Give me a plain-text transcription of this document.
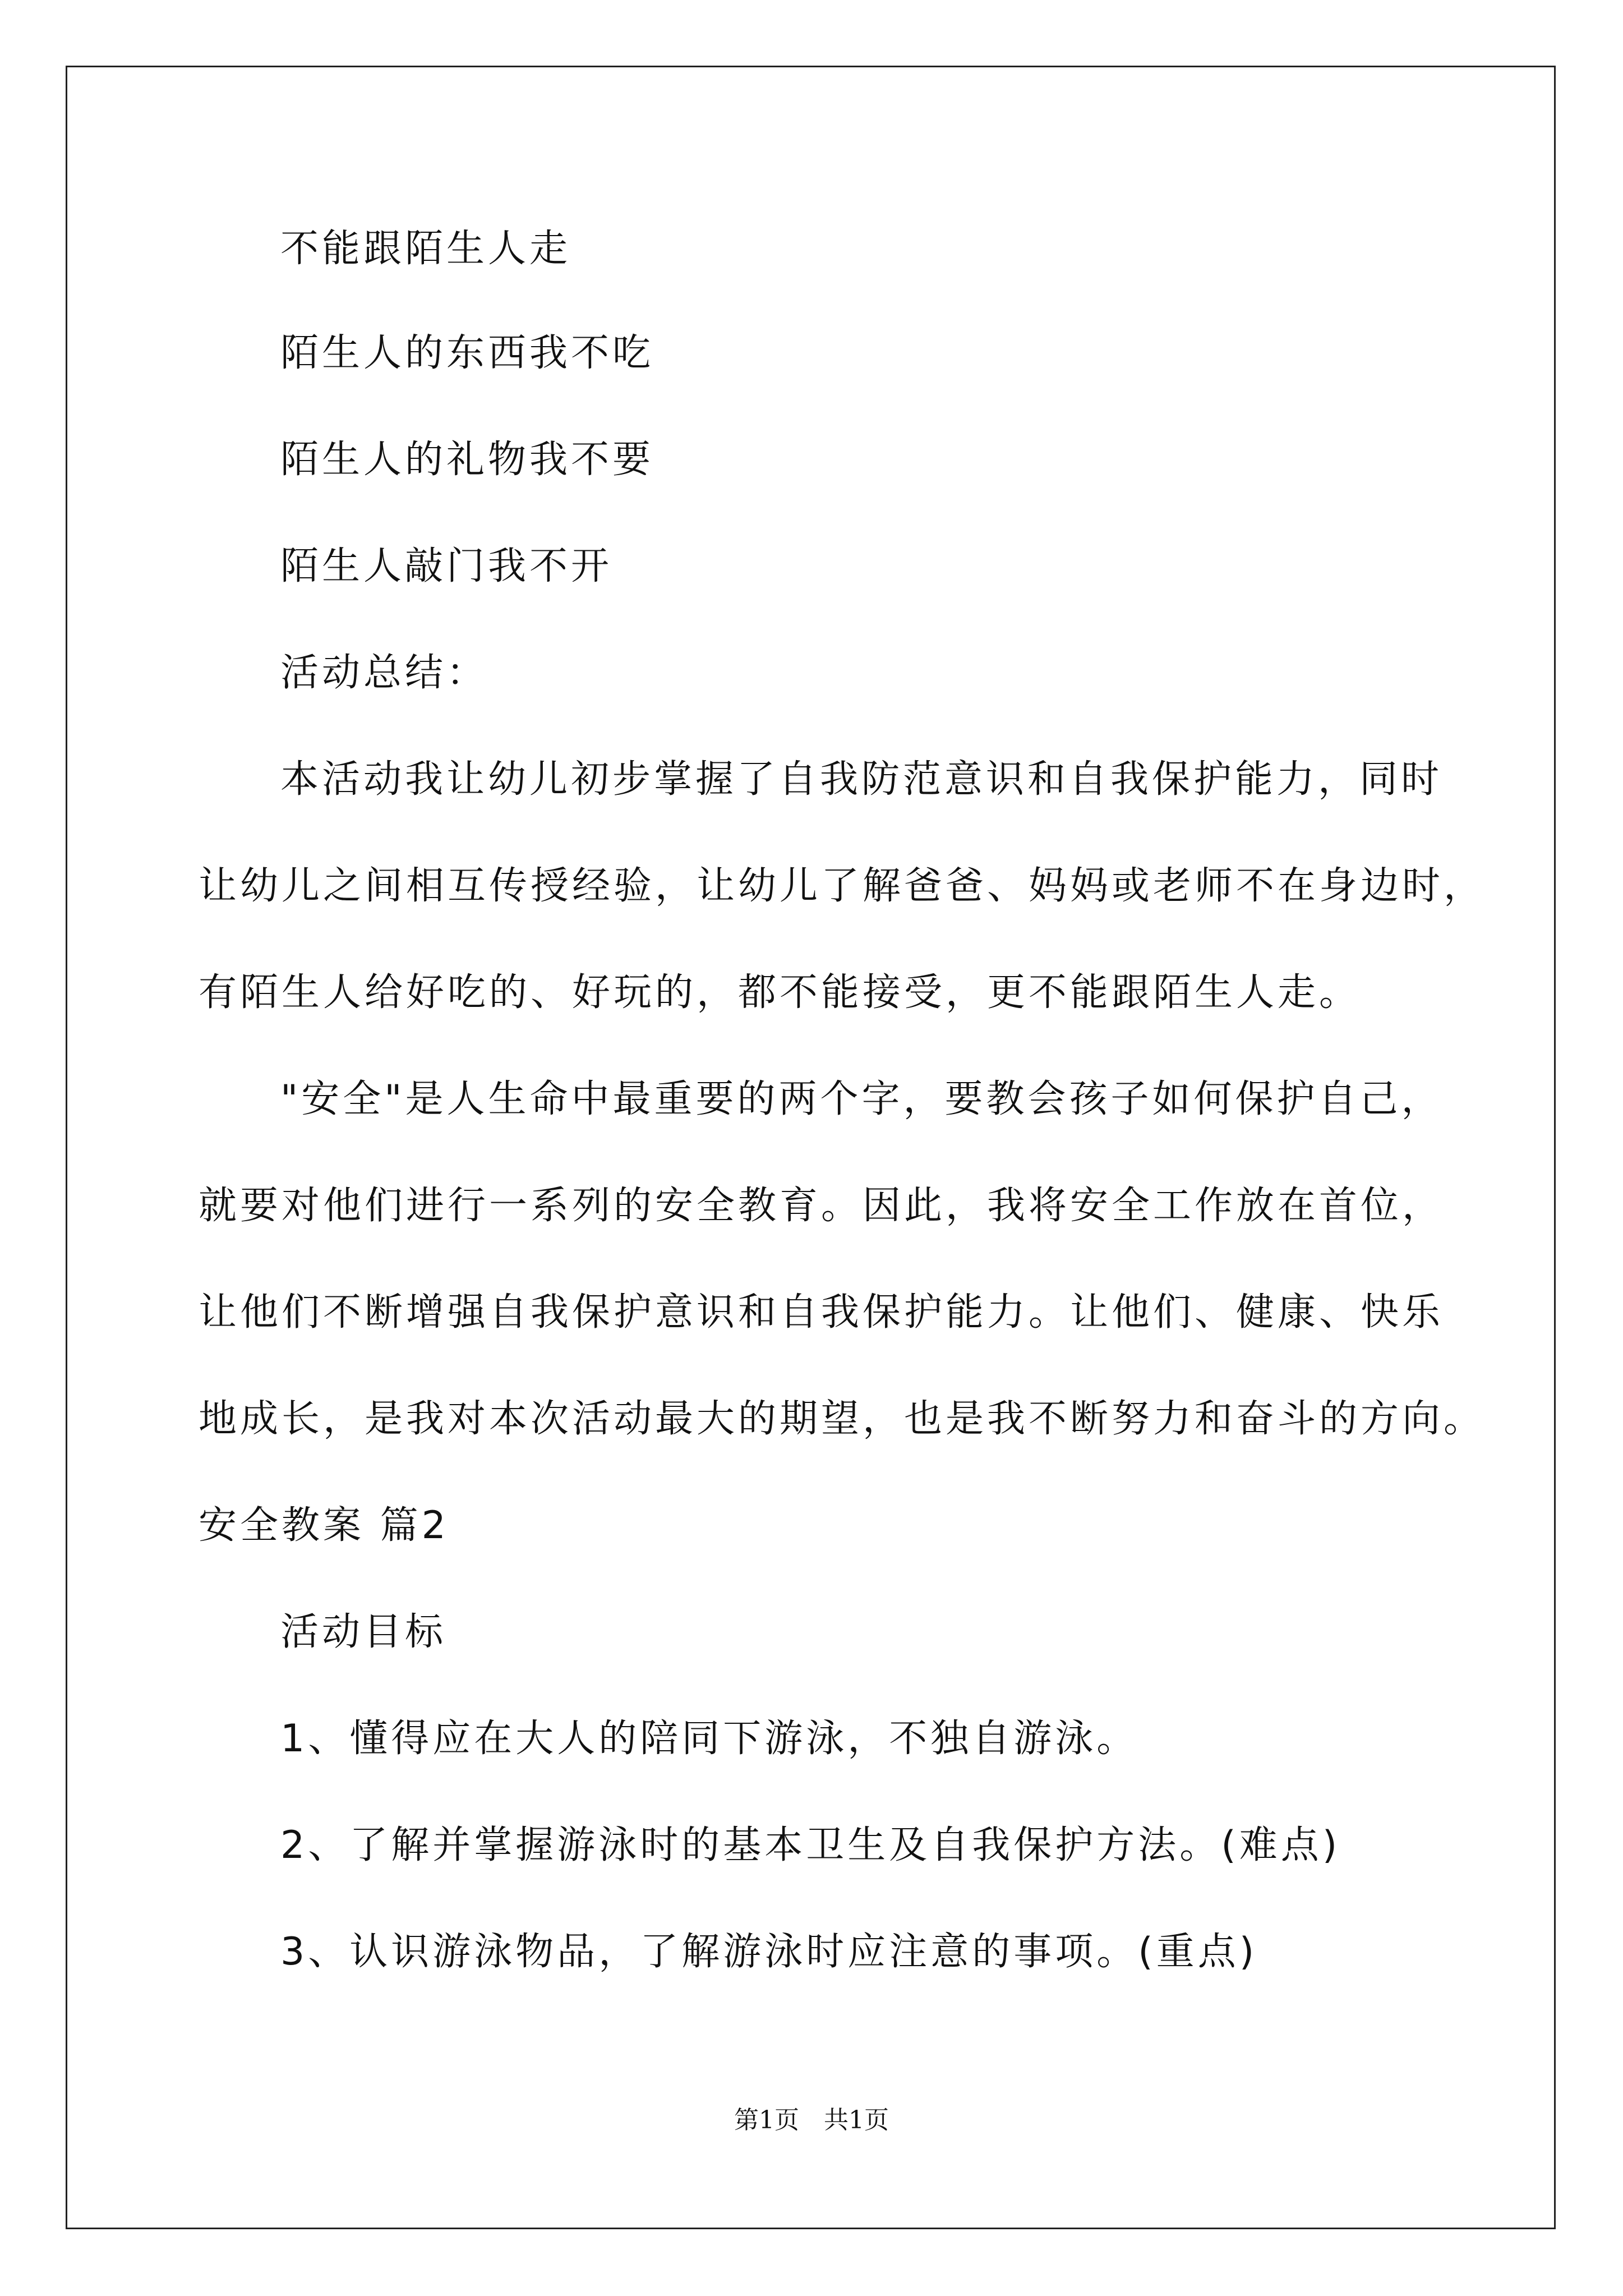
不能跟陌生人走
陌生人的东西我不吃
陌生人的礼物我不要
陌生人敲门我不开
活动总结：
本活动我让幼儿初步掌握了自我防范意识和自我保护能力，同时
让幼儿之间相互传授经验，让幼儿了解爸爸、妈妈或老师不在身边时，
有陌生人给好吃的、好玩的，都不能接受，更不能跟陌生人走。
"安全"是人生命中最重要的两个字，要教会孩子如何保护自己，
就要对他们进行一系列的安全教育。因此，我将安全工作放在首位，
让他们不断增强自我保护意识和自我保护能力。让他们、健康、快乐
地成长，是我对本次活动最大的期望，也是我不断努力和奋斗的方向。
安全教案 篇2
活动目标
1、懂得应在大人的陪同下游泳，不独自游泳。
2、了解并掌握游泳时的基本卫生及自我保护方法。(难点)
3、认识游泳物品，了解游泳时应注意的事项。(重点)
第1页　共1页
